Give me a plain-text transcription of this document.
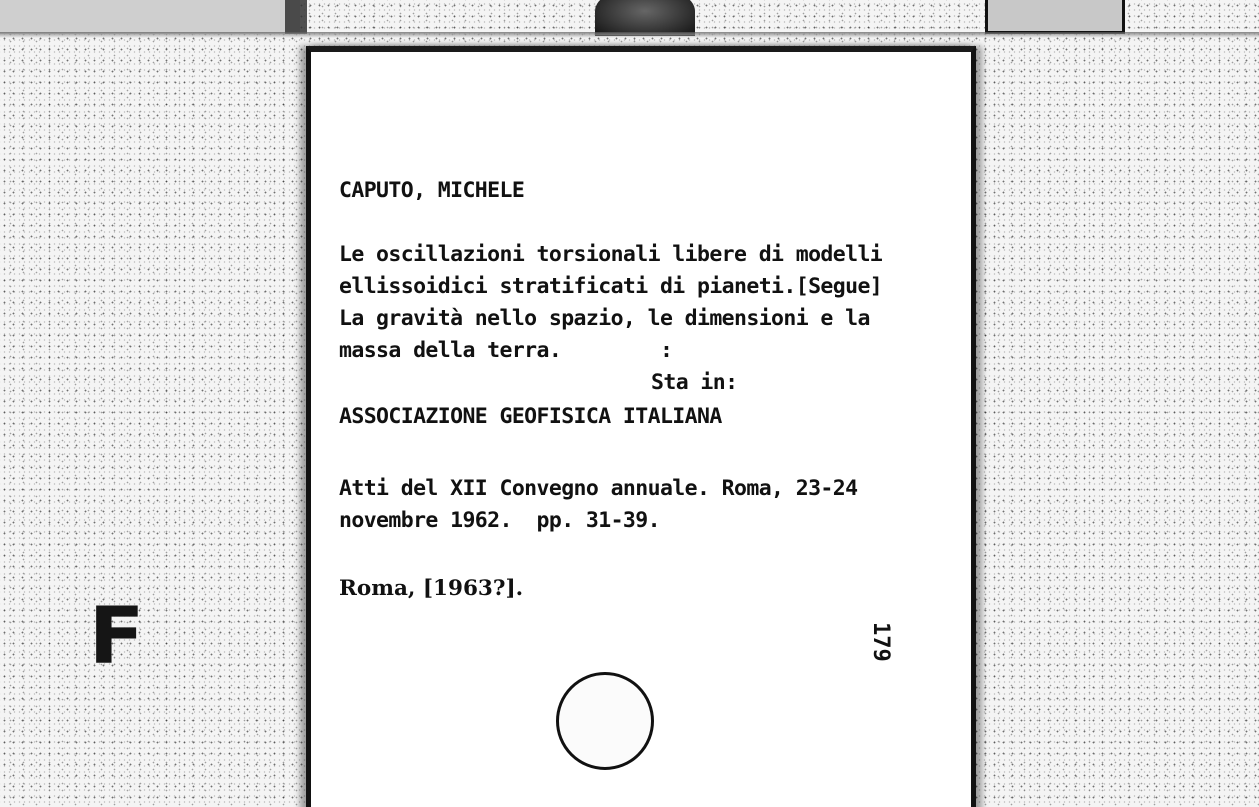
F

CAPUTO, MICHELE

Le oscillazioni torsionali libere di modelli

ellissoidici stratificati di pianeti.[Segue]

La gravità nello spazio, le dimensioni e la

massa della terra.        :

Sta in:

ASSOCIAZIONE GEOFISICA ITALIANA

Atti del XII Convegno annuale. Roma, 23-24

novembre 1962.  pp. 31-39.

Roma, [1963?].

179
